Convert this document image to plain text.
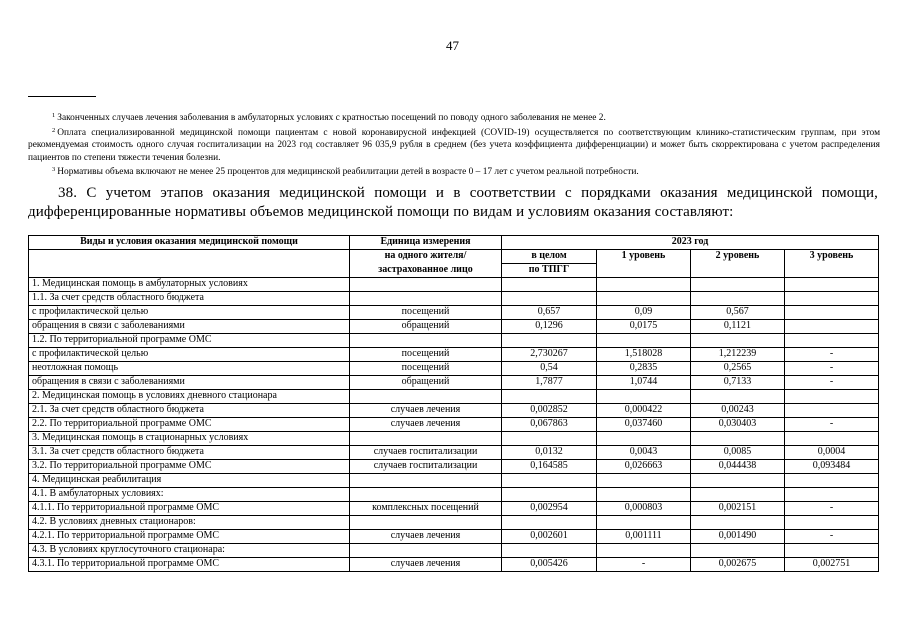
47

$^1$ Законченных случаев лечения заболевания в амбулаторных условиях с кратностью посещений по поводу одного заболевания не менее 2.

$^2$ Оплата специализированной медицинской помощи пациентам с новой коронавирусной инфекцией (COVID-19) осуществляется по соответствующим клинико-статистическим группам, при этом рекомендуемая стоимость одного случая госпитализации на 2023 год составляет 96 035,9 рубля в среднем (без учета коэффициента дифференциации) и может быть скорректирована с учетом распределения пациентов по степени тяжести течения болезни.

$^3$ Нормативы объема включают не менее 25 процентов для медицинской реабилитации детей в возрасте 0 – 17 лет с учетом реальной потребности.

38. С учетом этапов оказания медицинской помощи и в соответствии с порядками оказания медицинской помощи, дифференцированные нормативы объемов медицинской помощи по видам и условиям оказания составляют:

Виды и условия оказания медицинской помощи	Единица измерения	2023 год			
	на одного жителя/	в целом	1 уровень	2 уровень	3 уровень
	застрахованное лицо	по ТПГГ			
1. Медицинская помощь в амбулаторных условиях					
1.1. За счет средств областного бюджета					
с профилактической целью	посещений	0,657	0,09	0,567	
обращения в связи с заболеваниями	обращений	0,1296	0,0175	0,1121	
1.2. По территориальной программе ОМС					
с профилактической целью	посещений	2,730267	1,518028	1,212239	-
неотложная помощь	посещений	0,54	0,2835	0,2565	-
обращения в связи с заболеваниями	обращений	1,7877	1,0744	0,7133	-
2. Медицинская помощь в условиях дневного стационара					
2.1. За счет средств областного бюджета	случаев лечения	0,002852	0,000422	0,00243	
2.2. По территориальной программе ОМС	случаев лечения	0,067863	0,037460	0,030403	-
3. Медицинская помощь в стационарных условиях					
3.1. За счет средств областного бюджета	случаев госпитализации	0,0132	0,0043	0,0085	0,0004
3.2. По территориальной программе ОМС	случаев госпитализации	0,164585	0,026663	0,044438	0,093484
4. Медицинская реабилитация					
4.1. В амбулаторных условиях:					
4.1.1. По территориальной программе ОМС	комплексных посещений	0,002954	0,000803	0,002151	-
4.2. В условиях дневных стационаров:					
4.2.1. По территориальной программе ОМС	случаев лечения	0,002601	0,001111	0,001490	-
4.3. В условиях круглосуточного стационара:					
4.3.1. По территориальной программе ОМС	случаев лечения	0,005426	-	0,002675	0,002751
